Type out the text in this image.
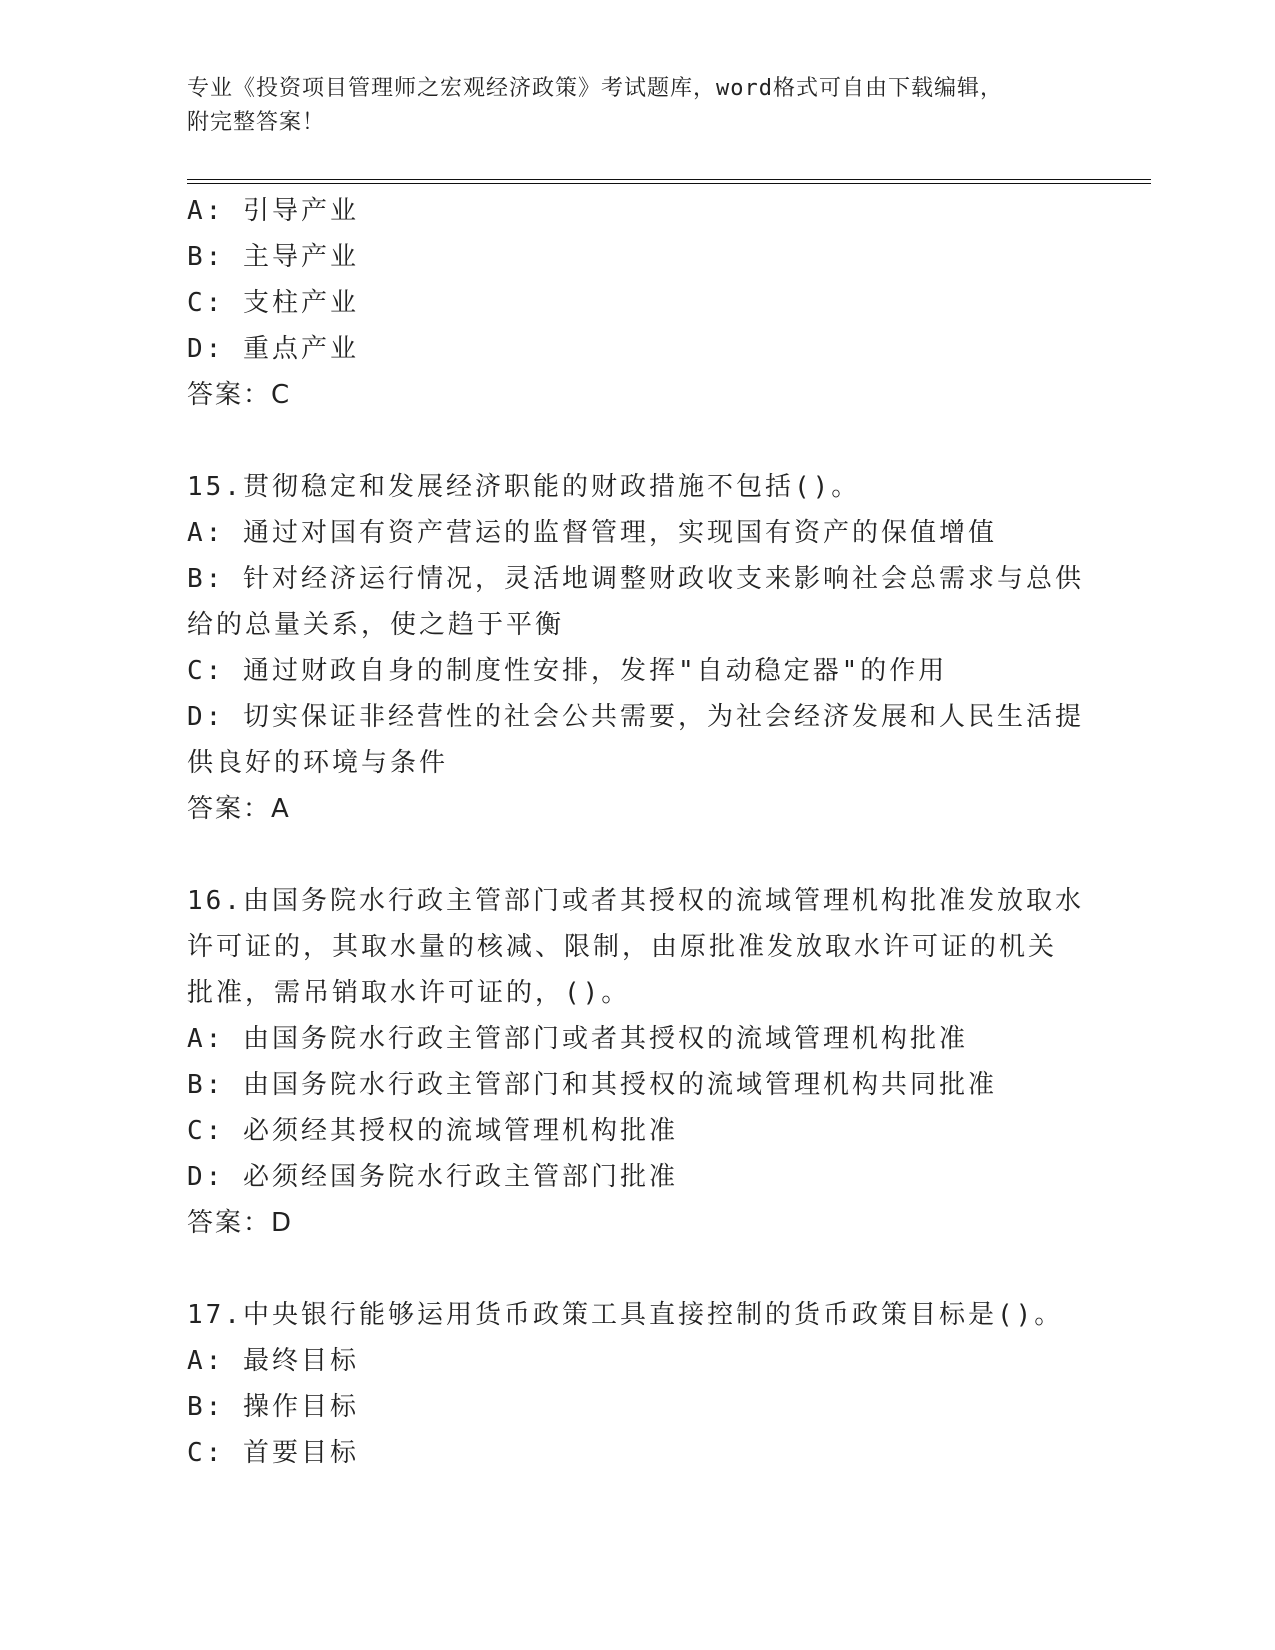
专业《投资项目管理师之宏观经济政策》考试题库，word格式可自由下载编辑，
附完整答案！
A: 引导产业
B: 主导产业
C: 支柱产业
D: 重点产业
答案：C
15.贯彻稳定和发展经济职能的财政措施不包括()。
A: 通过对国有资产营运的监督管理，实现国有资产的保值增值
B: 针对经济运行情况，灵活地调整财政收支来影响社会总需求与总供
给的总量关系，使之趋于平衡
C: 通过财政自身的制度性安排，发挥"自动稳定器"的作用
D: 切实保证非经营性的社会公共需要，为社会经济发展和人民生活提
供良好的环境与条件
答案：A
16.由国务院水行政主管部门或者其授权的流域管理机构批准发放取水
许可证的，其取水量的核减、限制，由原批准发放取水许可证的机关
批准，需吊销取水许可证的，()。
A: 由国务院水行政主管部门或者其授权的流域管理机构批准
B: 由国务院水行政主管部门和其授权的流域管理机构共同批准
C: 必须经其授权的流域管理机构批准
D: 必须经国务院水行政主管部门批准
答案：D
17.中央银行能够运用货币政策工具直接控制的货币政策目标是()。
A: 最终目标
B: 操作目标
C: 首要目标
